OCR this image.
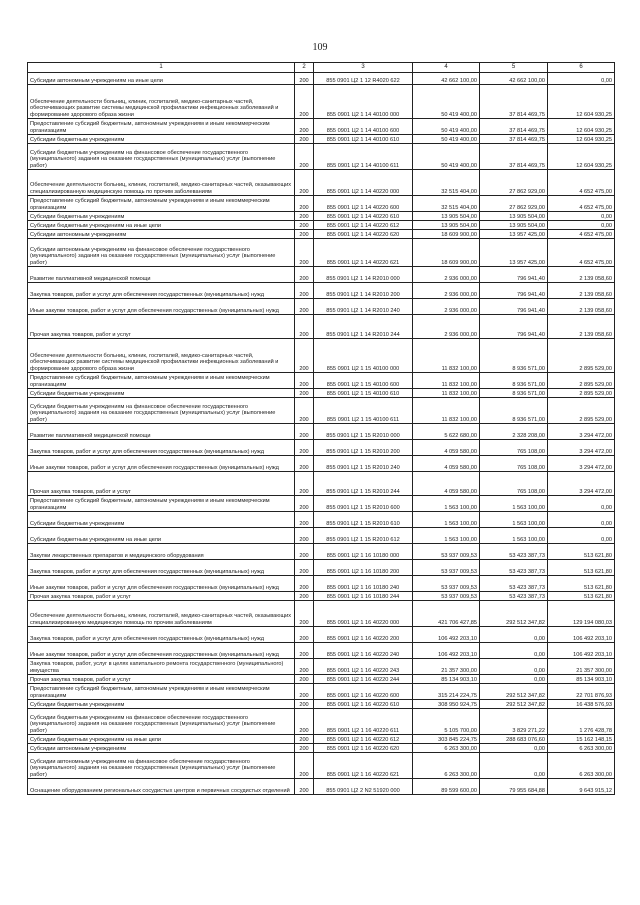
109
1	2	3	4	5	6

Субсидии автономным учреждениям на иные цели	200	855 0901 Ц2 1 12 R4020 622	42 662 100,00	42 662 100,00	0,00

Обеспечение деятельности больниц, клиник, госпиталей, медико-санитарных частей, обеспечивающих развитие системы медицинской профилактики инфекционных заболеваний и формирование здорового образа жизни	200	855 0901 Ц2 1 14 40100 000	50 419 400,00	37 814 469,75	12 604 930,25

Предоставление субсидий бюджетным, автономным учреждениям и иным некоммерческим организациям	200	855 0901 Ц2 1 14 40100 600	50 419 400,00	37 814 469,75	12 604 930,25

Субсидии бюджетным учреждениям	200	855 0901 Ц2 1 14 40100 610	50 419 400,00	37 814 469,75	12 604 930,25

Субсидии бюджетным учреждениям на финансовое обеспечение государственного (муниципального) задания на оказание государственных (муниципальных) услуг (выполнение работ)	200	855 0901 Ц2 1 14 40100 611	50 419 400,00	37 814 469,75	12 604 930,25

Обеспечение деятельности больниц, клиник, госпиталей, медико-санитарных частей, оказывающих специализированную медицинскую помощь по прочим заболеваниям	200	855 0901 Ц2 1 14 40220 000	32 515 404,00	27 862 929,00	4 652 475,00

Предоставление субсидий бюджетным, автономным учреждениям и иным некоммерческим организациям	200	855 0901 Ц2 1 14 40220 600	32 515 404,00	27 862 929,00	4 652 475,00

Субсидии бюджетным учреждениям	200	855 0901 Ц2 1 14 40220 610	13 905 504,00	13 905 504,00	0,00

Субсидии бюджетным учреждениям на иные цели	200	855 0901 Ц2 1 14 40220 612	13 905 504,00	13 905 504,00	0,00

Субсидии автономным учреждениям	200	855 0901 Ц2 1 14 40220 620	18 609 900,00	13 957 425,00	4 652 475,00

Субсидии автономным учреждениям на финансовое обеспечение государственного (муниципального) задания на оказание государственных (муниципальных) услуг (выполнение работ)	200	855 0901 Ц2 1 14 40220 621	18 609 900,00	13 957 425,00	4 652 475,00

Развитие паллиативной медицинской помощи	200	855 0901 Ц2 1 14 R2010 000	2 936 000,00	796 941,40	2 139 058,60

Закупка товаров, работ и услуг для обеспечения государственных (муниципальных) нужд	200	855 0901 Ц2 1 14 R2010 200	2 936 000,00	796 941,40	2 139 058,60

Иные закупки товаров, работ и услуг для обеспечения государственных (муниципальных) нужд	200	855 0901 Ц2 1 14 R2010 240	2 936 000,00	796 941,40	2 139 058,60

Прочая закупка товаров, работ и услуг	200	855 0901 Ц2 1 14 R2010 244	2 936 000,00	796 941,40	2 139 058,60

Обеспечение деятельности больниц, клиник, госпиталей, медико-санитарных частей, обеспечивающих развитие системы медицинской профилактики инфекционных заболеваний и формирование здорового образа жизни	200	855 0901 Ц2 1 15 40100 000	11 832 100,00	8 936 571,00	2 895 529,00

Предоставление субсидий бюджетным, автономным учреждениям и иным некоммерческим организациям	200	855 0901 Ц2 1 15 40100 600	11 832 100,00	8 936 571,00	2 895 529,00

Субсидии бюджетным учреждениям	200	855 0901 Ц2 1 15 40100 610	11 832 100,00	8 936 571,00	2 895 529,00

Субсидии бюджетным учреждениям на финансовое обеспечение государственного (муниципального) задания на оказание государственных (муниципальных) услуг (выполнение работ)	200	855 0901 Ц2 1 15 40100 611	11 832 100,00	8 936 571,00	2 895 529,00

Развитие паллиативной медицинской помощи	200	855 0901 Ц2 1 15 R2010 000	5 622 680,00	2 328 208,00	3 294 472,00

Закупка товаров, работ и услуг для обеспечения государственных (муниципальных) нужд	200	855 0901 Ц2 1 15 R2010 200	4 059 580,00	765 108,00	3 294 472,00

Иные закупки товаров, работ и услуг для обеспечения государственных (муниципальных) нужд	200	855 0901 Ц2 1 15 R2010 240	4 059 580,00	765 108,00	3 294 472,00

Прочая закупка товаров, работ и услуг	200	855 0901 Ц2 1 15 R2010 244	4 059 580,00	765 108,00	3 294 472,00

Предоставление субсидий бюджетным, автономным учреждениям и иным некоммерческим организациям	200	855 0901 Ц2 1 15 R2010 600	1 563 100,00	1 563 100,00	0,00

Субсидии бюджетным учреждениям	200	855 0901 Ц2 1 15 R2010 610	1 563 100,00	1 563 100,00	0,00

Субсидии бюджетным учреждениям на иные цели	200	855 0901 Ц2 1 15 R2010 612	1 563 100,00	1 563 100,00	0,00

Закупки лекарственных препаратов и медицинского оборудования	200	855 0901 Ц2 1 16 10180 000	53 937 009,53	53 423 387,73	513 621,80

Закупка товаров, работ и услуг для обеспечения государственных (муниципальных) нужд	200	855 0901 Ц2 1 16 10180 200	53 937 009,53	53 423 387,73	513 621,80

Иные закупки товаров, работ и услуг для обеспечения государственных (муниципальных) нужд	200	855 0901 Ц2 1 16 10180 240	53 937 009,53	53 423 387,73	513 621,80

Прочая закупка товаров, работ и услуг	200	855 0901 Ц2 1 16 10180 244	53 937 009,53	53 423 387,73	513 621,80

Обеспечение деятельности больниц, клиник, госпиталей, медико-санитарных частей, оказывающих специализированную медицинскую помощь по прочим заболеваниям	200	855 0901 Ц2 1 16 40220 000	421 706 427,85	292 512 347,82	129 194 080,03

Закупка товаров, работ и услуг для обеспечения государственных (муниципальных) нужд	200	855 0901 Ц2 1 16 40220 200	106 492 203,10	0,00	106 492 203,10

Иные закупки товаров, работ и услуг для обеспечения государственных (муниципальных) нужд	200	855 0901 Ц2 1 16 40220 240	106 492 203,10	0,00	106 492 203,10

Закупка товаров, работ, услуг в целях капитального ремонта государственного (муниципального) имущества	200	855 0901 Ц2 1 16 40220 243	21 357 300,00	0,00	21 357 300,00

Прочая закупка товаров, работ и услуг	200	855 0901 Ц2 1 16 40220 244	85 134 903,10	0,00	85 134 903,10

Предоставление субсидий бюджетным, автономным учреждениям и иным некоммерческим организациям	200	855 0901 Ц2 1 16 40220 600	315 214 224,75	292 512 347,82	22 701 876,93

Субсидии бюджетным учреждениям	200	855 0901 Ц2 1 16 40220 610	308 950 924,75	292 512 347,82	16 438 576,93

Субсидии бюджетным учреждениям на финансовое обеспечение государственного (муниципального) задания на оказание государственных (муниципальных) услуг (выполнение работ)	200	855 0901 Ц2 1 16 40220 611	5 105 700,00	3 829 271,22	1 276 428,78

Субсидии бюджетным учреждениям на иные цели	200	855 0901 Ц2 1 16 40220 612	303 845 224,75	288 683 076,60	15 162 148,15

Субсидии автономным учреждениям	200	855 0901 Ц2 1 16 40220 620	6 263 300,00	0,00	6 263 300,00

Субсидии автономным учреждениям на финансовое обеспечение государственного (муниципального) задания на оказание государственных (муниципальных) услуг (выполнение работ)	200	855 0901 Ц2 1 16 40220 621	6 263 300,00	0,00	6 263 300,00

Оснащение оборудованием региональных сосудистых центров и первичных сосудистых отделений	200	855 0901 Ц2 2 N2 51920 000	89 599 600,00	79 955 684,88	9 643 915,12
